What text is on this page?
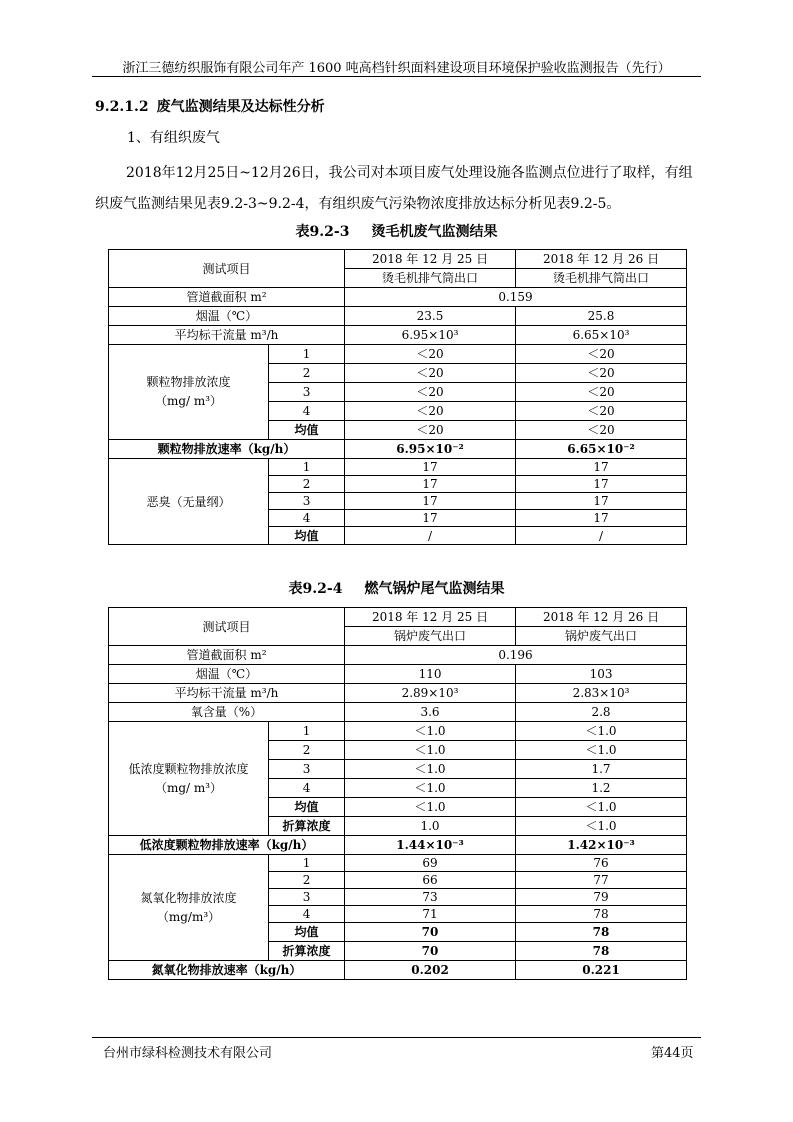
浙江三德纺织服饰有限公司年产 1600 吨高档针织面料建设项目环境保护验收监测报告（先行）
9.2.1.2 废气监测结果及达标性分析
1、有组织废气
2018年12月25日~12月26日，我公司对本项目废气处理设施各监测点位进行了取样，有组织废气监测结果见表9.2-3~9.2-4，有组织废气污染物浓度排放达标分析见表9.2-5。
表9.2-3 烫毛机废气监测结果
测试项目		2018 年 12 月 25 日	2018 年 12 月 26 日
		烫毛机排气筒出口	烫毛机排气筒出口
管道截面积 m²		0.159	
烟温（℃）		23.5	25.8
平均标干流量 m³/h		6.95×10³	6.65×10³
颗粒物排放浓度
（mg/ m³）	1	＜20	＜20
	2	＜20	＜20
	3	＜20	＜20
	4	＜20	＜20
	均值	＜20	＜20
颗粒物排放速率（kg/h）		6.95×10⁻²	6.65×10⁻²
恶臭（无量纲）	1	17	17
	2	17	17
	3	17	17
	4	17	17
	均值	/	/
表9.2-4 燃气锅炉尾气监测结果
测试项目		2018 年 12 月 25 日	2018 年 12 月 26 日
		锅炉废气出口	锅炉废气出口
管道截面积 m²		0.196	
烟温（℃）		110	103
平均标干流量 m³/h		2.89×10³	2.83×10³
氧含量（%）		3.6	2.8
低浓度颗粒物排放浓度
（mg/ m³）	1	＜1.0	＜1.0
	2	＜1.0	＜1.0
	3	＜1.0	1.7
	4	＜1.0	1.2
	均值	＜1.0	＜1.0
	折算浓度	1.0	＜1.0
低浓度颗粒物排放速率（kg/h）		1.44×10⁻³	1.42×10⁻³
氮氧化物排放浓度
（mg/m³）	1	69	76
	2	66	77
	3	73	79
	4	71	78
	均值	70	78
	折算浓度	70	78
氮氧化物排放速率（kg/h）		0.202	0.221
台州市绿科检测技术有限公司	第44页
